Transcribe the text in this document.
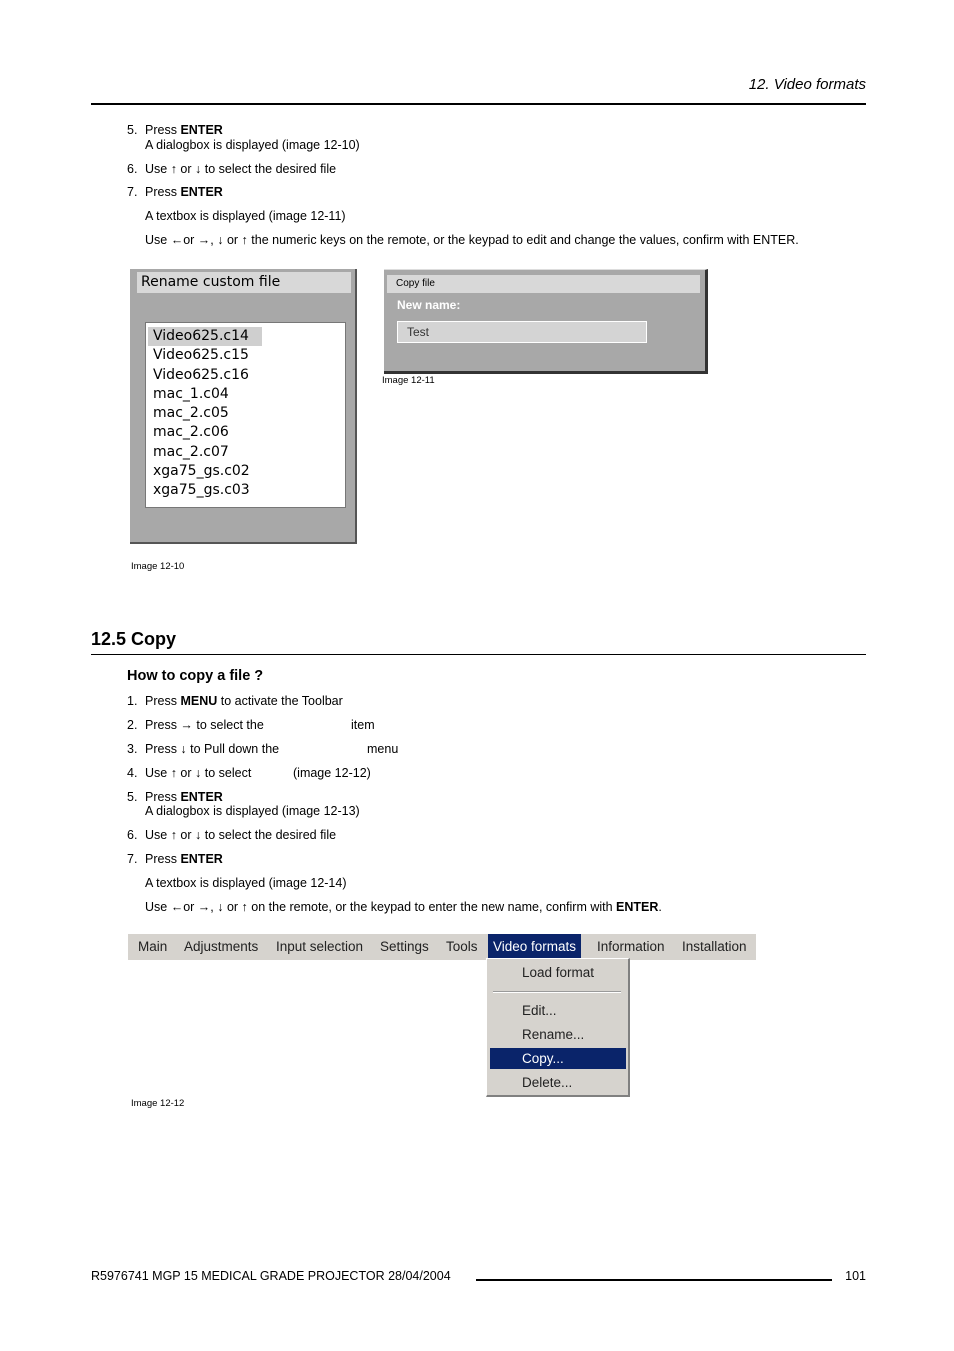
12. Video formats
5. Press ENTER
A dialogbox is displayed (image 12-10)
6. Use ↑ or ↓ to select the desired file
7. Press ENTER
A textbox is displayed (image 12-11)
Use ←or →, ↓ or ↑ the numeric keys on the remote, or the keypad to edit and change the values, confirm with ENTER.
Rename custom file
Video625.c14
Video625.c15
Video625.c16
mac_1.c04
mac_2.c05
mac_2.c06
mac_2.c07
xga75_gs.c02
xga75_gs.c03
Image 12-10
Copy file
New name:
Test
Image 12-11
12.5 Copy
How to copy a file ?
1. Press MENU to activate the Toolbar
2. Press → to select the	item
3. Press ↓ to Pull down the	menu
4. Use ↑ or ↓ to select	(image 12-12)
5. Press ENTER
A dialogbox is displayed (image 12-13)
6. Use ↑ or ↓ to select the desired file
7. Press ENTER
A textbox is displayed (image 12-14)
Use ←or →, ↓ or ↑ on the remote, or the keypad to enter the new name, confirm with ENTER.
Main Adjustments Input selection Settings Tools	Video formats	Information Installation
Load format
Edit...
Rename...
Copy...
Delete...
Image 12-12
R5976741 MGP 15 MEDICAL GRADE PROJECTOR 28/04/2004	101
